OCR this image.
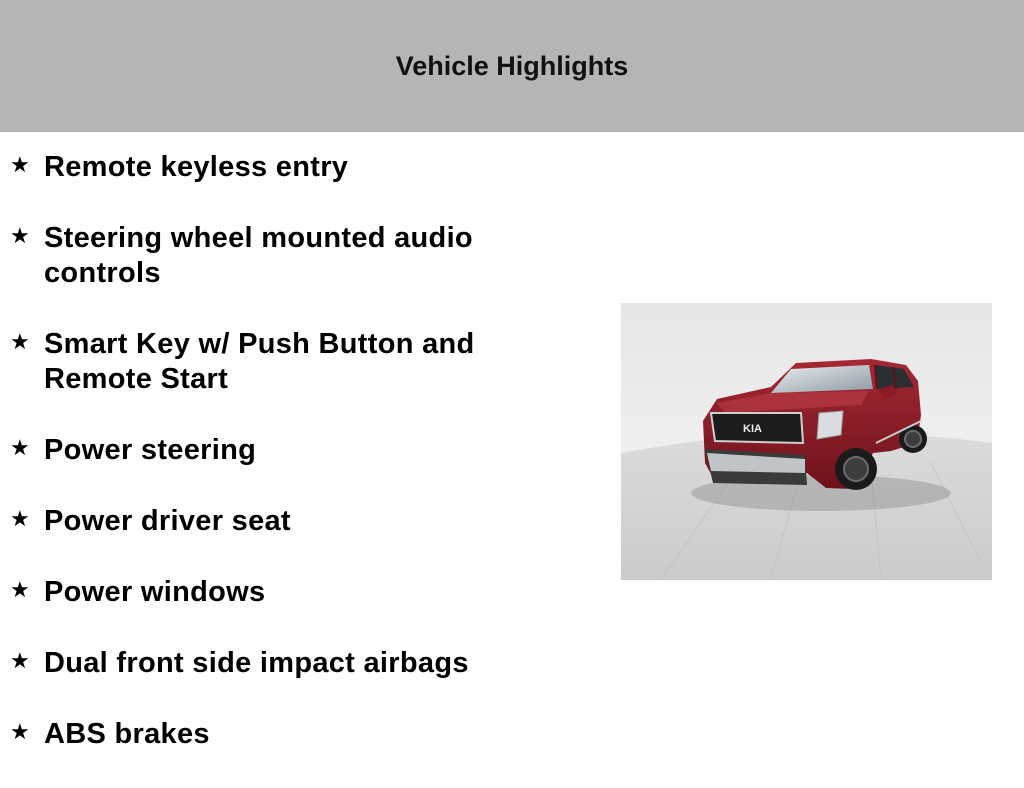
Vehicle Highlights
★ Remote keyless entry
★ Steering wheel mounted audio controls
★ Smart Key w/ Push Button and Remote Start
★ Power steering
★ Power driver seat
★ Power windows
★ Dual front side impact airbags
★ ABS brakes
KIA
